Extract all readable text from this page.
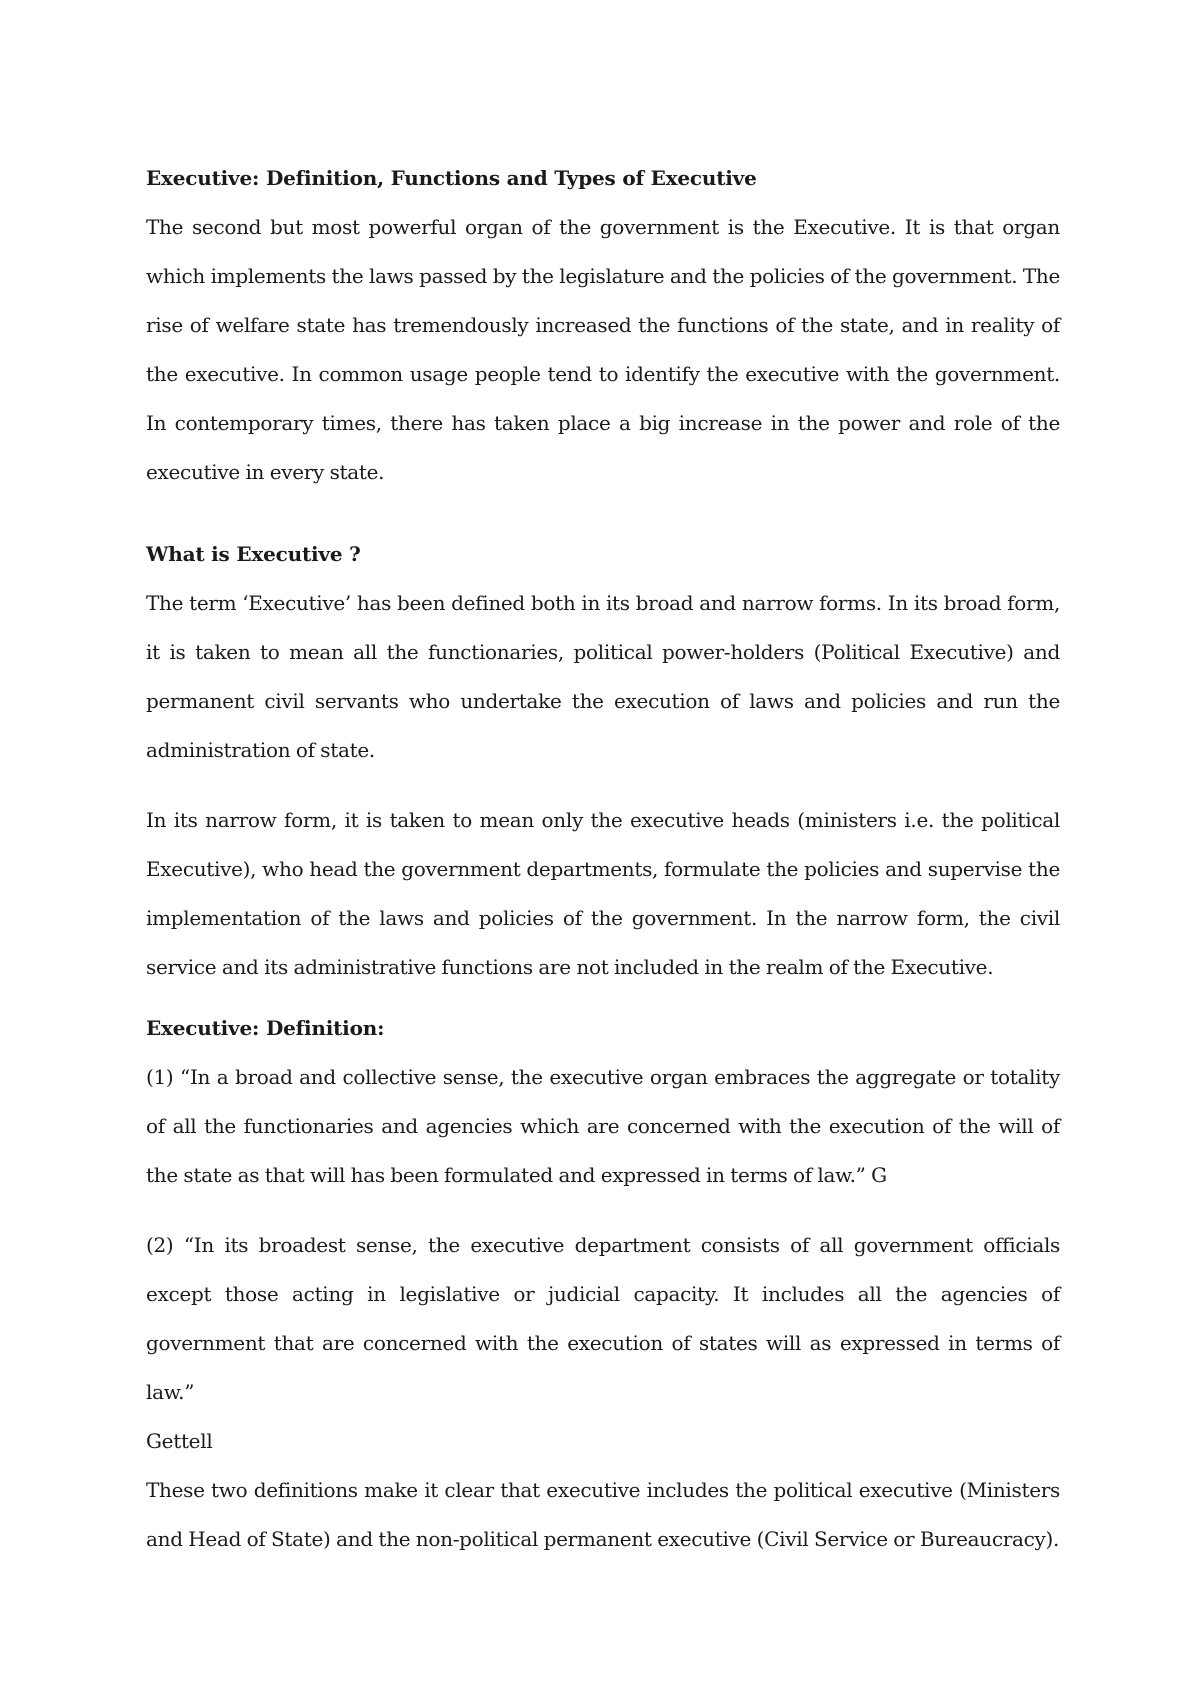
Executive: Definition, Functions and Types of Executive

The second but most powerful organ of the government is the Executive. It is that organ which implements the laws passed by the legislature and the policies of the government. The rise of welfare state has tremendously increased the functions of the state, and in reality of the executive. In common usage people tend to identify the executive with the government. In contemporary times, there has taken place a big increase in the power and role of the executive in every state.

What is Executive ?

The term ‘Executive’ has been defined both in its broad and narrow forms. In its broad form, it is taken to mean all the functionaries, political power-holders (Political Executive) and permanent civil servants who undertake the execution of laws and policies and run the administration of state.

In its narrow form, it is taken to mean only the executive heads (ministers i.e. the political Executive), who head the government departments, formulate the policies and supervise the implementation of the laws and policies of the government. In the narrow form, the civil service and its administrative functions are not included in the realm of the Executive.

Executive: Definition:

(1) “In a broad and collective sense, the executive organ embraces the aggregate or totality of all the functionaries and agencies which are concerned with the execution of the will of the state as that will has been formulated and expressed in terms of law.” G

(2) “In its broadest sense, the executive department consists of all government officials except those acting in legislative or judicial capacity. It includes all the agencies of government that are concerned with the execution of states will as expressed in terms of law.”

Gettell

These two definitions make it clear that executive includes the political executive (Ministers and Head of State) and the non-political permanent executive (Civil Service or Bureaucracy).
